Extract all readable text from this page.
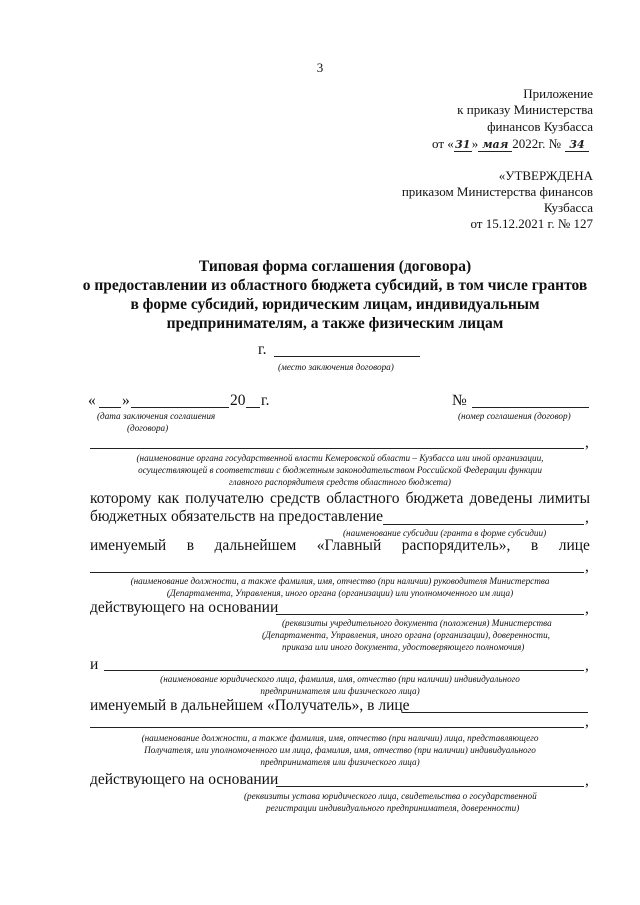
3
Приложение
к приказу Министерства
финансов Кузбасса
от «31» мая 2022г. № 34
«УТВЕРЖДЕНА
приказом Министерства финансов
Кузбасса
от 15.12.2021 г. № 127
Типовая форма соглашения (договора)
о предоставлении из областного бюджета субсидий, в том числе грантов
в форме субсидий, юридическим лицам, индивидуальным
предпринимателям, а также физическим лицам
г.
(место заключения договора)
« »	20 г.
(дата заключения соглашения
(договора)
№
(номер соглашения (договор)
,
(наименование органа государственной власти Кемеровской области – Кузбасса или иной организации,
осуществляющей в соответствии с бюджетным законодательством Российской Федерации функции
главного распорядителя средств областного бюджета)
которому как получателю средств областного бюджета доведены лимиты
бюджетных обязательств на предоставление	,
(наименование субсидии (гранта в форме субсидии)
именуемый в дальнейшем «Главный распорядитель», в лице
,
(наименование должности, а также фамилия, имя, отчество (при наличии) руководителя Министерства
(Департамента, Управления, иного органа (организации) или уполномоченного им лица)
действующего на основании	,
(реквизиты учредительного документа (положения) Министерства
(Департамента, Управления, иного органа (организации), доверенности,
приказа или иного документа, удостоверяющего полномочия)
и	,
(наименование юридического лица, фамилия, имя, отчество (при наличии) индивидуального
предпринимателя или физического лица)
именуемый в дальнейшем «Получатель», в лице
,
(наименование должности, а также фамилия, имя, отчество (при наличии) лица, представляющего
Получателя, или уполномоченного им лица, фамилия, имя, отчество (при наличии) индивидуального
предпринимателя или физического лица)
действующего на основании	,
(реквизиты устава юридического лица, свидетельства о государственной
регистрации индивидуального предпринимателя, доверенности)
